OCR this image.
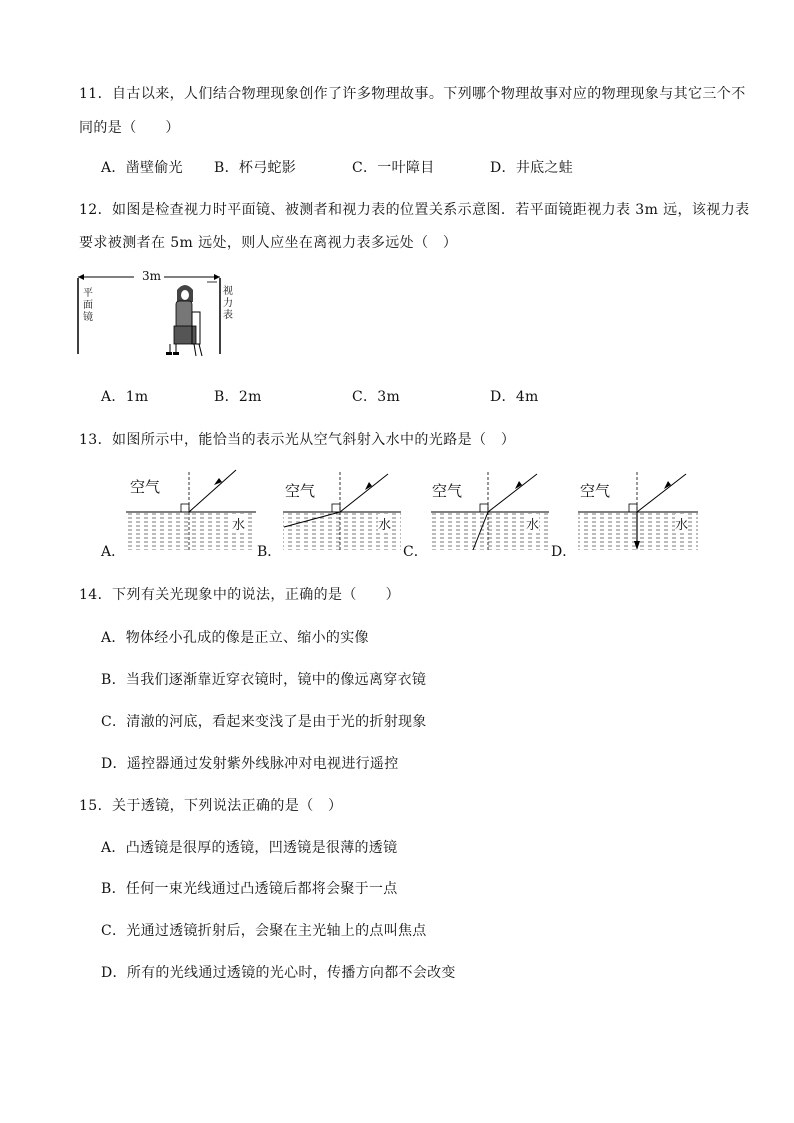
11．自古以来，人们结合物理现象创作了许多物理故事。下列哪个物理故事对应的物理现象与其它三个不
同的是（　　）
A．凿壁偷光 B．杯弓蛇影	C．一叶障目	D．井底之蛙
12．如图是检查视力时平面镜、被测者和视力表的位置关系示意图．若平面镜距视力表 3m 远，该视力表
要求被测者在 5m 远处，则人应坐在离视力表多远处（　）
3m
平面镜
视力表
A．1m	B．2m	C．3m	D．4m
13．如图所示中，能恰当的表示光从空气斜射入水中的光路是（　）
空气
水
空气
水
空气
水
空气
水
A．	B．	C．	D．
14．下列有关光现象中的说法，正确的是（　　）
A．物体经小孔成的像是正立、缩小的实像
B．当我们逐渐靠近穿衣镜时，镜中的像远离穿衣镜
C．清澈的河底，看起来变浅了是由于光的折射现象
D．遥控器通过发射紫外线脉冲对电视进行遥控
15．关于透镜，下列说法正确的是（　）
A．凸透镜是很厚的透镜，凹透镜是很薄的透镜
B．任何一束光线通过凸透镜后都将会聚于一点
C．光通过透镜折射后，会聚在主光轴上的点叫焦点
D．所有的光线通过透镜的光心时，传播方向都不会改变
